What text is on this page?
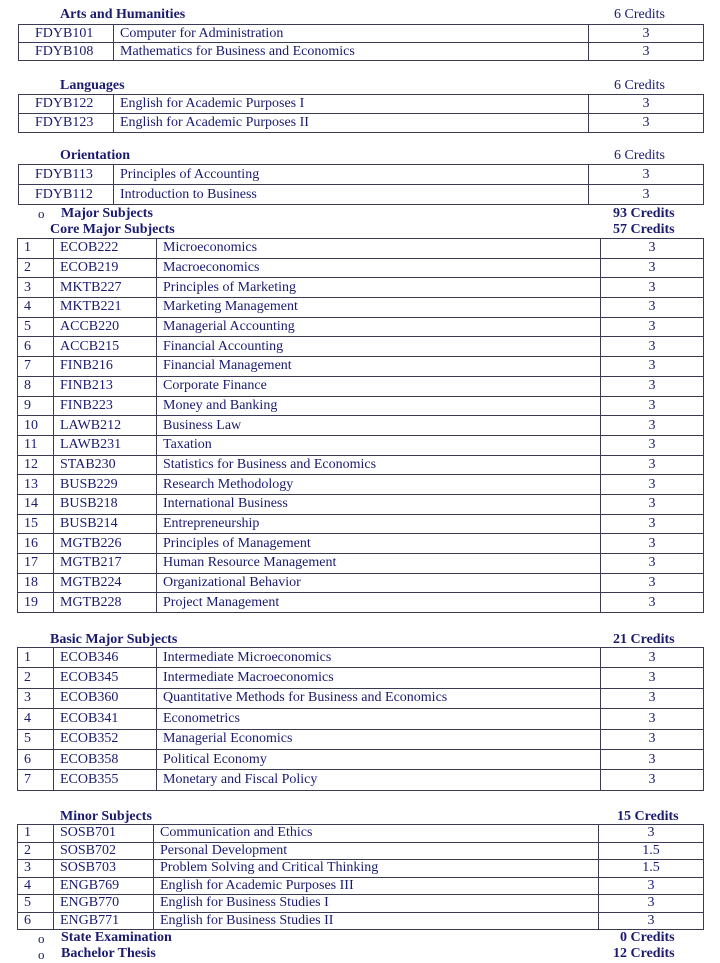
Arts and Humanities	6 Credits
FDYB101	Computer for Administration	3
FDYB108	Mathematics for Business and Economics	3
Languages	6 Credits
FDYB122	English for Academic Purposes I	3
FDYB123	English for Academic Purposes II	3
Orientation	6 Credits
FDYB113	Principles of Accounting	3
FDYB112	Introduction to Business	3
o Major Subjects	93 Credits
Core Major Subjects	57 Credits
1	ECOB222	Microeconomics	3
2	ECOB219	Macroeconomics	3
3	MKTB227	Principles of Marketing	3
4	MKTB221	Marketing Management	3
5	ACCB220	Managerial Accounting	3
6	ACCB215	Financial Accounting	3
7	FINB216	Financial Management	3
8	FINB213	Corporate Finance	3
9	FINB223	Money and Banking	3
10	LAWB212	Business Law	3
11	LAWB231	Taxation	3
12	STAB230	Statistics for Business and Economics	3
13	BUSB229	Research Methodology	3
14	BUSB218	International Business	3
15	BUSB214	Entrepreneurship	3
16	MGTB226	Principles of Management	3
17	MGTB217	Human Resource Management	3
18	MGTB224	Organizational Behavior	3
19	MGTB228	Project Management	3
Basic Major Subjects	21 Credits
1	ECOB346	Intermediate Microeconomics	3
2	ECOB345	Intermediate Macroeconomics	3
3	ECOB360	Quantitative Methods for Business and Economics	3
4	ECOB341	Econometrics	3
5	ECOB352	Managerial Economics	3
6	ECOB358	Political Economy	3
7	ECOB355	Monetary and Fiscal Policy	3
Minor Subjects	15 Credits
1	SOSB701	Communication and Ethics	3
2	SOSB702	Personal Development	1.5
3	SOSB703	Problem Solving and Critical Thinking	1.5
4	ENGB769	English for Academic Purposes III	3
5	ENGB770	English for Business Studies I	3
6	ENGB771	English for Business Studies II	3
o State Examination	0 Credits
o Bachelor Thesis	12 Credits
